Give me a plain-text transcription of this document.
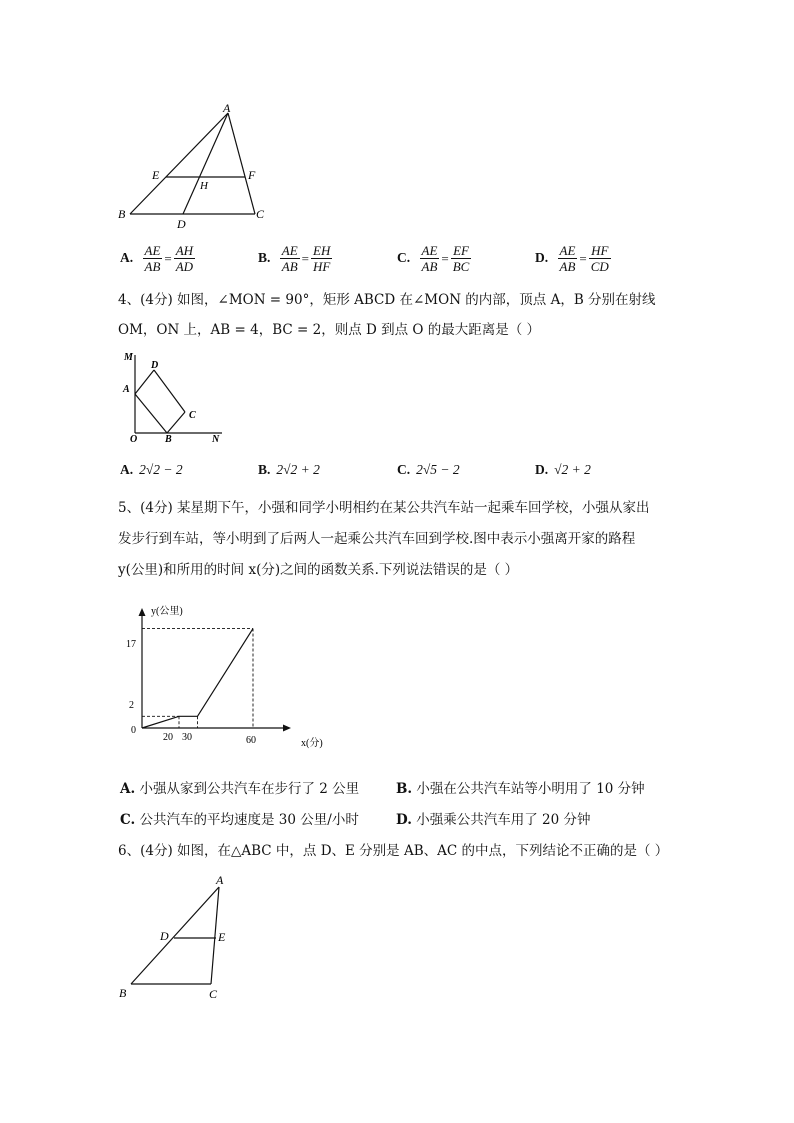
A
E	F
H
B
D
C
A. $\frac{AE}{AB} = \frac{AH}{AD}$	B. $\frac{AE}{AB} = \frac{EH}{HF}$	C. $\frac{AE}{AB} = \frac{EF}{BC}$	D. $\frac{AE}{AB} = \frac{HF}{CD}$
4、(4分) 如图，∠MON = 90°，矩形 ABCD 在∠MON 的内部，顶点 A，B 分别在射线
OM，ON 上，AB = 4，BC = 2，则点 D 到点 O 的最大距离是（ ）
M
D
A
C
O	B	N
A. 2√2 − 2	B. 2√2 + 2	C. 2√5 − 2	D. √2 + 2
5、(4分) 某星期下午，小强和同学小明相约在某公共汽车站一起乘车回学校，小强从家出
发步行到车站，等小明到了后两人一起乘公共汽车回到学校.图中表示小强离开家的路程
y(公里)和所用的时间 x(分)之间的函数关系.下列说法错误的是（ ）
y(公里)
x(分)
17
2
0
20 30	60
A. 小强从家到公共汽车在步行了 2 公里	B. 小强在公共汽车站等小明用了 10 分钟
C. 公共汽车的平均速度是 30 公里/小时	D. 小强乘公共汽车用了 20 分钟
6、(4分) 如图，在△ABC 中，点 D、E 分别是 AB、AC 的中点，下列结论不正确的是（ ）
A
D	E
B	C
